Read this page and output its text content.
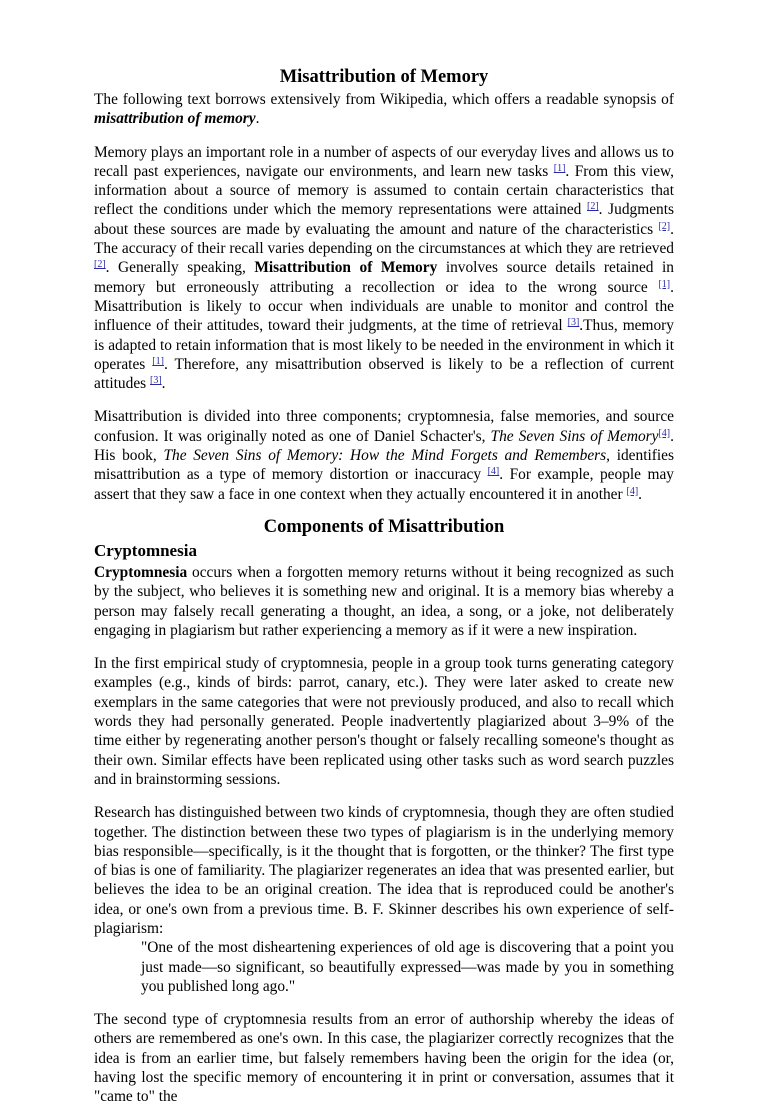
Misattribution of Memory

The following text borrows extensively from Wikipedia, which offers a readable synopsis of misattribution of memory.

Memory plays an important role in a number of aspects of our everyday lives and allows us to recall past experiences, navigate our environments, and learn new tasks [1]. From this view, information about a source of memory is assumed to contain certain characteristics that reflect the conditions under which the memory representations were attained [2]. Judgments about these sources are made by evaluating the amount and nature of the characteristics [2]. The accuracy of their recall varies depending on the circumstances at which they are retrieved [2]. Generally speaking, Misattribution of Memory involves source details retained in memory but erroneously attributing a recollection or idea to the wrong source [1]. Misattribution is likely to occur when individuals are unable to monitor and control the influence of their attitudes, toward their judgments, at the time of retrieval [3].Thus, memory is adapted to retain information that is most likely to be needed in the environment in which it operates [1]. Therefore, any misattribution observed is likely to be a reflection of current attitudes [3].

Misattribution is divided into three components; cryptomnesia, false memories, and source confusion. It was originally noted as one of Daniel Schacter's, The Seven Sins of Memory[4]. His book, The Seven Sins of Memory: How the Mind Forgets and Remembers, identifies misattribution as a type of memory distortion or inaccuracy [4]. For example, people may assert that they saw a face in one context when they actually encountered it in another [4].

Components of Misattribution
Cryptomnesia

Cryptomnesia occurs when a forgotten memory returns without it being recognized as such by the subject, who believes it is something new and original. It is a memory bias whereby a person may falsely recall generating a thought, an idea, a song, or a joke, not deliberately engaging in plagiarism but rather experiencing a memory as if it were a new inspiration.

In the first empirical study of cryptomnesia, people in a group took turns generating category examples (e.g., kinds of birds: parrot, canary, etc.). They were later asked to create new exemplars in the same categories that were not previously produced, and also to recall which words they had personally generated. People inadvertently plagiarized about 3–9% of the time either by regenerating another person's thought or falsely recalling someone's thought as their own. Similar effects have been replicated using other tasks such as word search puzzles and in brainstorming sessions.

Research has distinguished between two kinds of cryptomnesia, though they are often studied together. The distinction between these two types of plagiarism is in the underlying memory bias responsible—specifically, is it the thought that is forgotten, or the thinker? The first type of bias is one of familiarity. The plagiarizer regenerates an idea that was presented earlier, but believes the idea to be an original creation. The idea that is reproduced could be another's idea, or one's own from a previous time. B. F. Skinner describes his own experience of self-plagiarism:

"One of the most disheartening experiences of old age is discovering that a point you just made—so significant, so beautifully expressed—was made by you in something you published long ago."

The second type of cryptomnesia results from an error of authorship whereby the ideas of others are remembered as one's own. In this case, the plagiarizer correctly recognizes that the idea is from an earlier time, but falsely remembers having been the origin for the idea (or, having lost the specific memory of encountering it in print or conversation, assumes that it "came to" the
